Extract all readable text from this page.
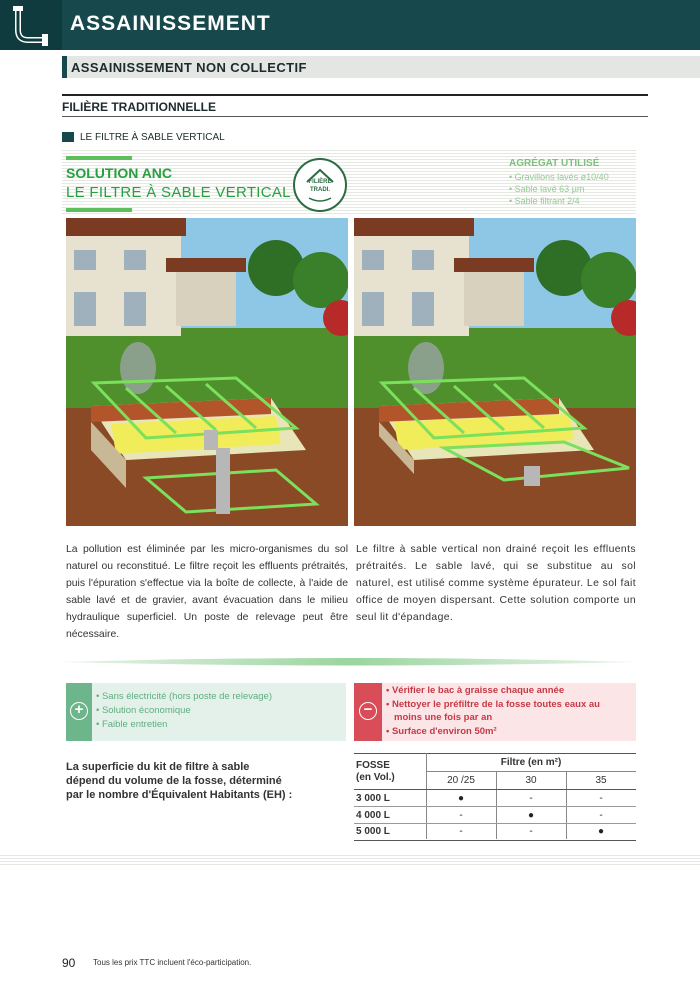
ASSAINISSEMENT
ASSAINISSEMENT NON COLLECTIF
FILIÈRE TRADITIONNELLE
LE FILTRE À SABLE VERTICAL
SOLUTION ANC
LE FILTRE À SABLE VERTICAL
FILIÈRE
TRADI.
AGRÉGAT UTILISÉ
• Gravillons lavés ø10/40
• Sable lavé 63 µm
• Sable filtrant 2/4
La pollution est éliminée par les micro-organismes du sol naturel ou reconstitué. Le filtre reçoit les effluents prétraités, puis l'épuration s'effectue via la boîte de collecte, à l'aide de sable lavé et de gravier, avant évacuation dans le milieu hydraulique superficiel. Un poste de relevage peut être nécessaire.
Le filtre à sable vertical non drainé reçoit les effluents prétraités. Le sable lavé, qui se substitue au sol naturel, est utilisé comme système épurateur. Le sol fait office de moyen dispersant. Cette solution comporte un seul lit d'épandage.
+
• Sans électricité (hors poste de relevage)
• Solution économique
• Faible entretien
−
• Vérifier le bac à graisse chaque année
• Nettoyer le préfiltre de la fosse toutes eaux au
moins une fois par an
• Surface d'environ 50m²
La superficie du kit de filtre à sable
dépend du volume de la fosse, déterminé
par le nombre d'Équivalent Habitants (EH) :
FOSSE
(en Vol.)
Filtre (en m²)
20 /25	30	35
3 000 L	●	-	-
4 000 L	-	●	-
5 000 L	-	-	●
90 Tous les prix TTC incluent l'éco-participation.
